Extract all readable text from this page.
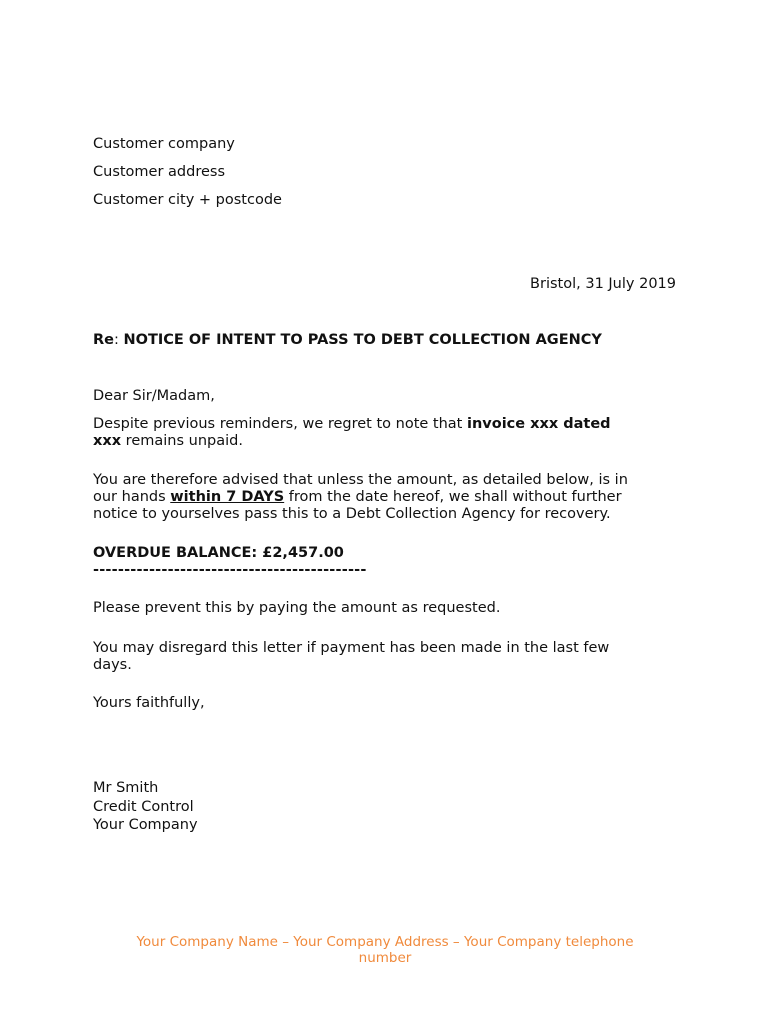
Customer company

Customer address

Customer city + postcode

Bristol, 31 July 2019

Re: NOTICE OF INTENT TO PASS TO DEBT COLLECTION AGENCY

Dear Sir/Madam,

Despite previous reminders, we regret to note that invoice xxx dated
xxx remains unpaid.
You are therefore advised that unless the amount, as detailed below, is in
our hands within 7 DAYS from the date hereof, we shall without further
notice to yourselves pass this to a Debt Collection Agency for recovery.
OVERDUE BALANCE: £2,457.00
--------------------------------------------

Please prevent this by paying the amount as requested.

You may disregard this letter if payment has been made in the last few
days.

Yours faithfully,

Mr Smith
Credit Control
Your Company
Your Company Name – Your Company Address – Your Company telephone
number
